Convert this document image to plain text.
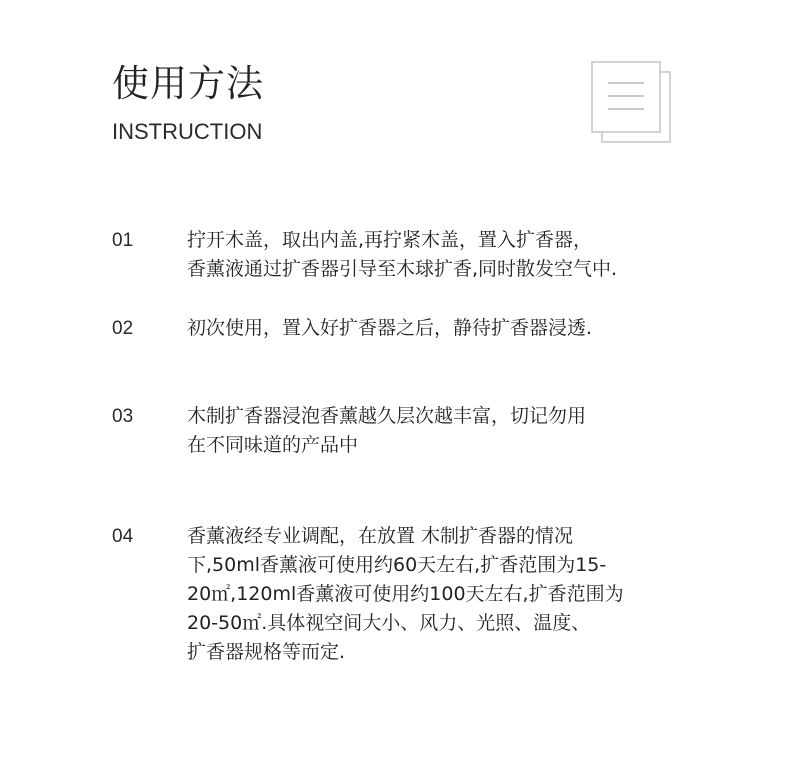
使用方法
INSTRUCTION
01	拧开木盖，取出内盖,再拧紧木盖，置入扩香器，
香薰液通过扩香器引导至木球扩香,同时散发空气中.
02	初次使用，置入好扩香器之后，静待扩香器浸透.
03	木制扩香器浸泡香薰越久层次越丰富，切记勿用
在不同味道的产品中
04	香薰液经专业调配，在放置 木制扩香器的情况
下,50ml香薰液可使用约60天左右,扩香范围为15-
20㎡,120ml香薰液可使用约100天左右,扩香范围为
20-50㎡.具体视空间大小、风力、光照、温度、
扩香器规格等而定.
